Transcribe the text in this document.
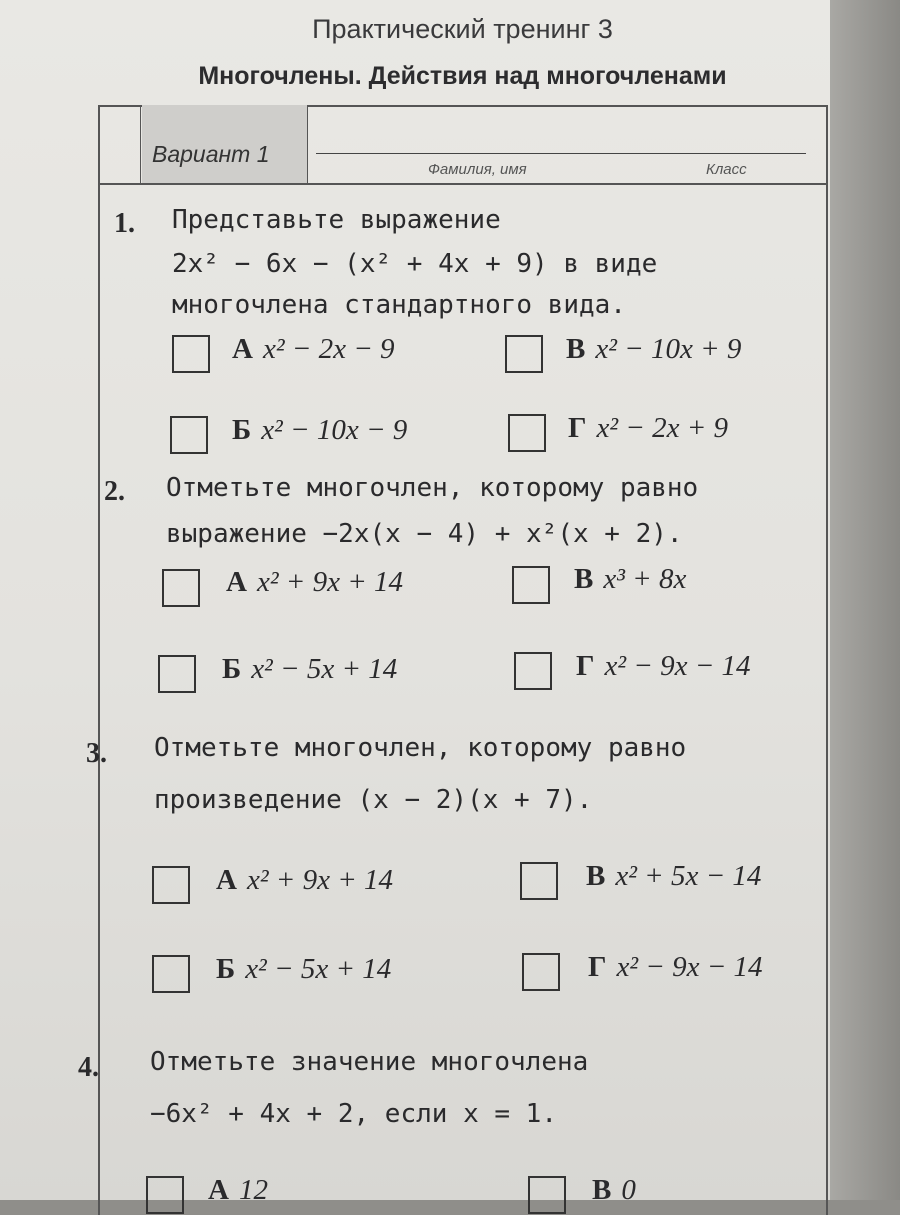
Практический тренинг 3
Многочлены. Действия над многочленами
Вариант 1
Фамилия, имя	Класс
1. Представьте выражение
2x² − 6x − (x² + 4x + 9) в виде
многочлена стандартного вида.
А x² − 2x − 9	В x² − 10x + 9
Б x² − 10x − 9	Г x² − 2x + 9
2. Отметьте многочлен, которому равно
выражение −2x(x − 4) + x²(x + 2).
А x² + 9x + 14	В x³ + 8x
Б x² − 5x + 14	Г x² − 9x − 14
3. Отметьте многочлен, которому равно
произведение (x − 2)(x + 7).
А x² + 9x + 14	В x² + 5x − 14
Б x² − 5x + 14	Г x² − 9x − 14
4. Отметьте значение многочлена
−6x² + 4x + 2, если x = 1.
А 12	В 0
